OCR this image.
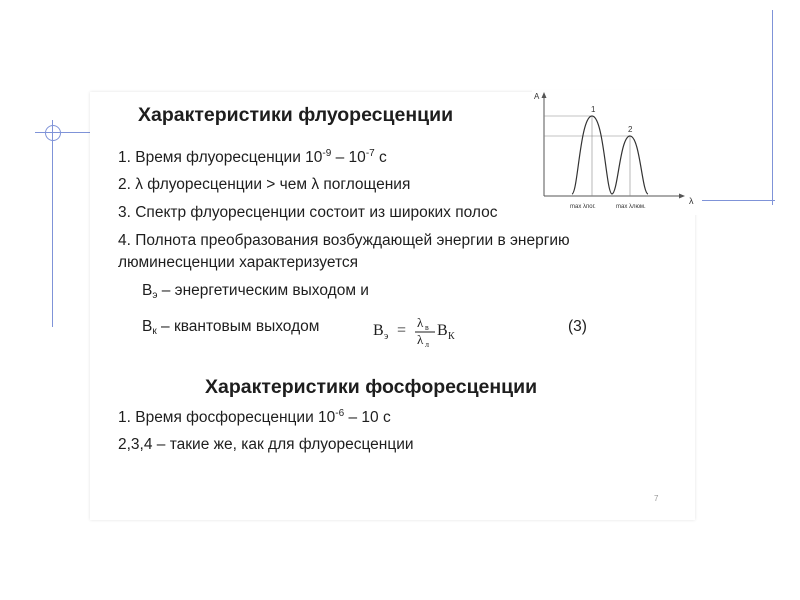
Характеристики флуоресценции
1. Время флуоресценции $10^{-9} - 10^{-7}$ с
2. λ флуоресценции > чем λ поглощения
3. Спектр флуоресценции состоит из широких полос
4. Полнота преобразования возбуждающей энергии в энергию
люминесценции характеризуется
$В_э$ – энергетическим выходом и
$В_к$ – квантовым выходом	В э = λ в
λ л
В К
(3)
Характеристики фосфоресценции
1. Время фосфоресценции $10^{-6} - 10$ с
2,3,4 – такие же, как для флуоресценции
7
A
λ
1
2
max λпог.	max λлюм.
